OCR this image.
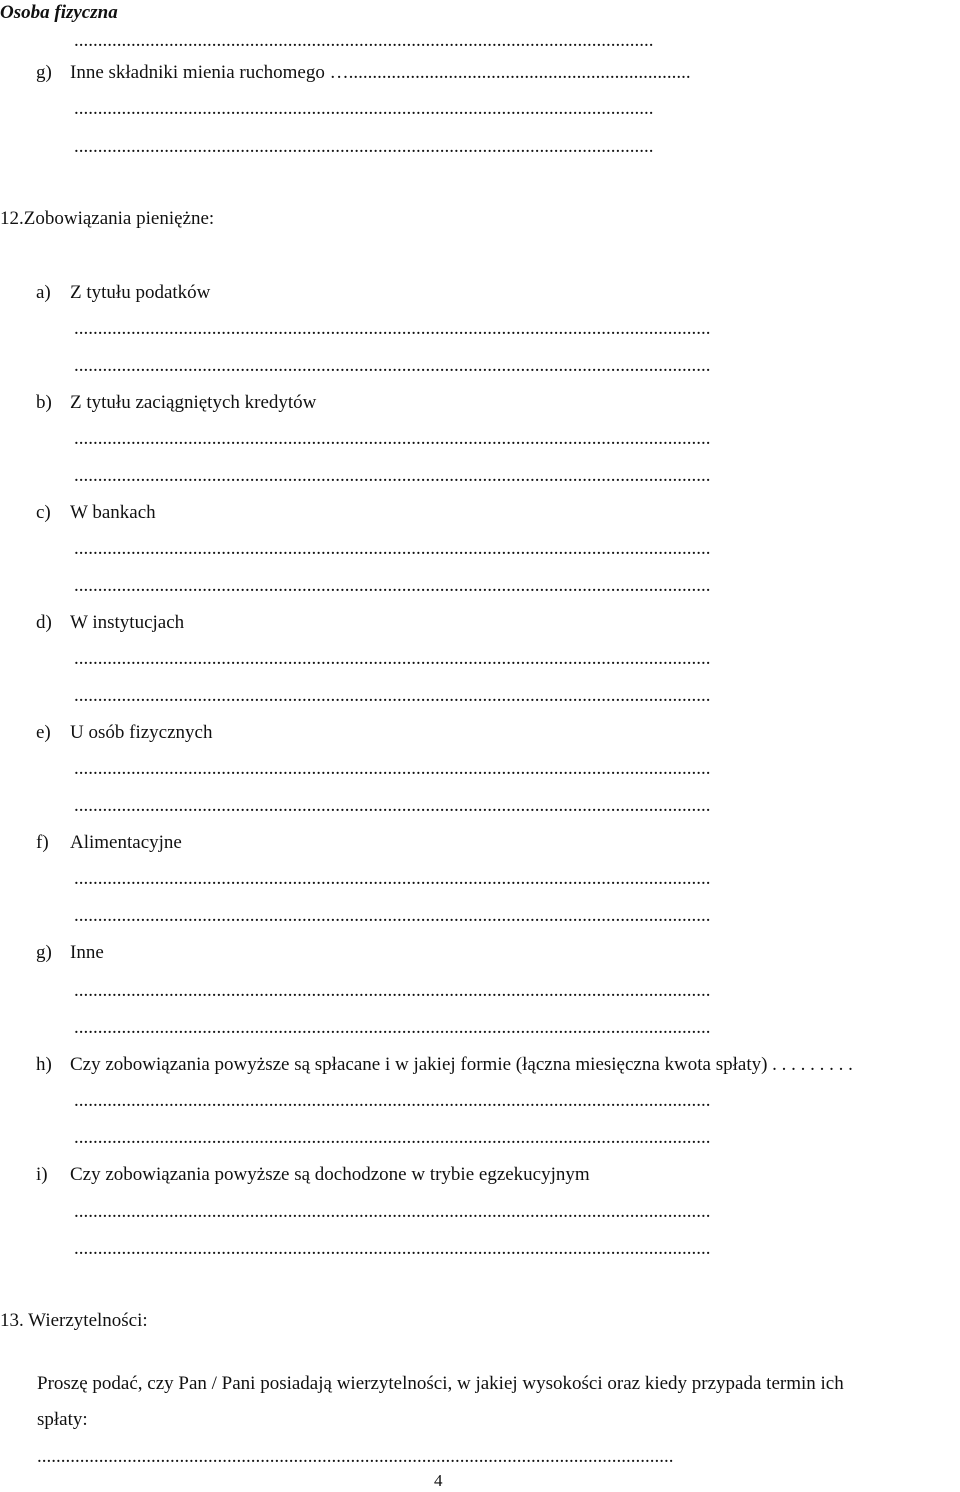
Osoba fizyczna
..........................................................................................................................
g) Inne składniki mienia ruchomego …........................................................................
..........................................................................................................................
..........................................................................................................................
12.Zobowiązania pieniężne:
a) Z tytułu podatków
......................................................................................................................................
......................................................................................................................................
b) Z tytułu zaciągniętych kredytów
......................................................................................................................................
......................................................................................................................................
c) W bankach
......................................................................................................................................
......................................................................................................................................
d) W instytucjach
......................................................................................................................................
......................................................................................................................................
e) U osób fizycznych
......................................................................................................................................
......................................................................................................................................
f) Alimentacyjne
......................................................................................................................................
......................................................................................................................................
g) Inne
......................................................................................................................................
......................................................................................................................................
h) Czy zobowiązania powyższe są spłacane i w jakiej formie (łączna miesięczna kwota spłaty) . . . . . . . . .
......................................................................................................................................
......................................................................................................................................
i) Czy zobowiązania powyższe są dochodzone w trybie egzekucyjnym
......................................................................................................................................
......................................................................................................................................
13. Wierzytelności:
Proszę podać, czy Pan / Pani posiadają wierzytelności, w jakiej wysokości oraz kiedy przypada termin ich
spłaty:
......................................................................................................................................
4
